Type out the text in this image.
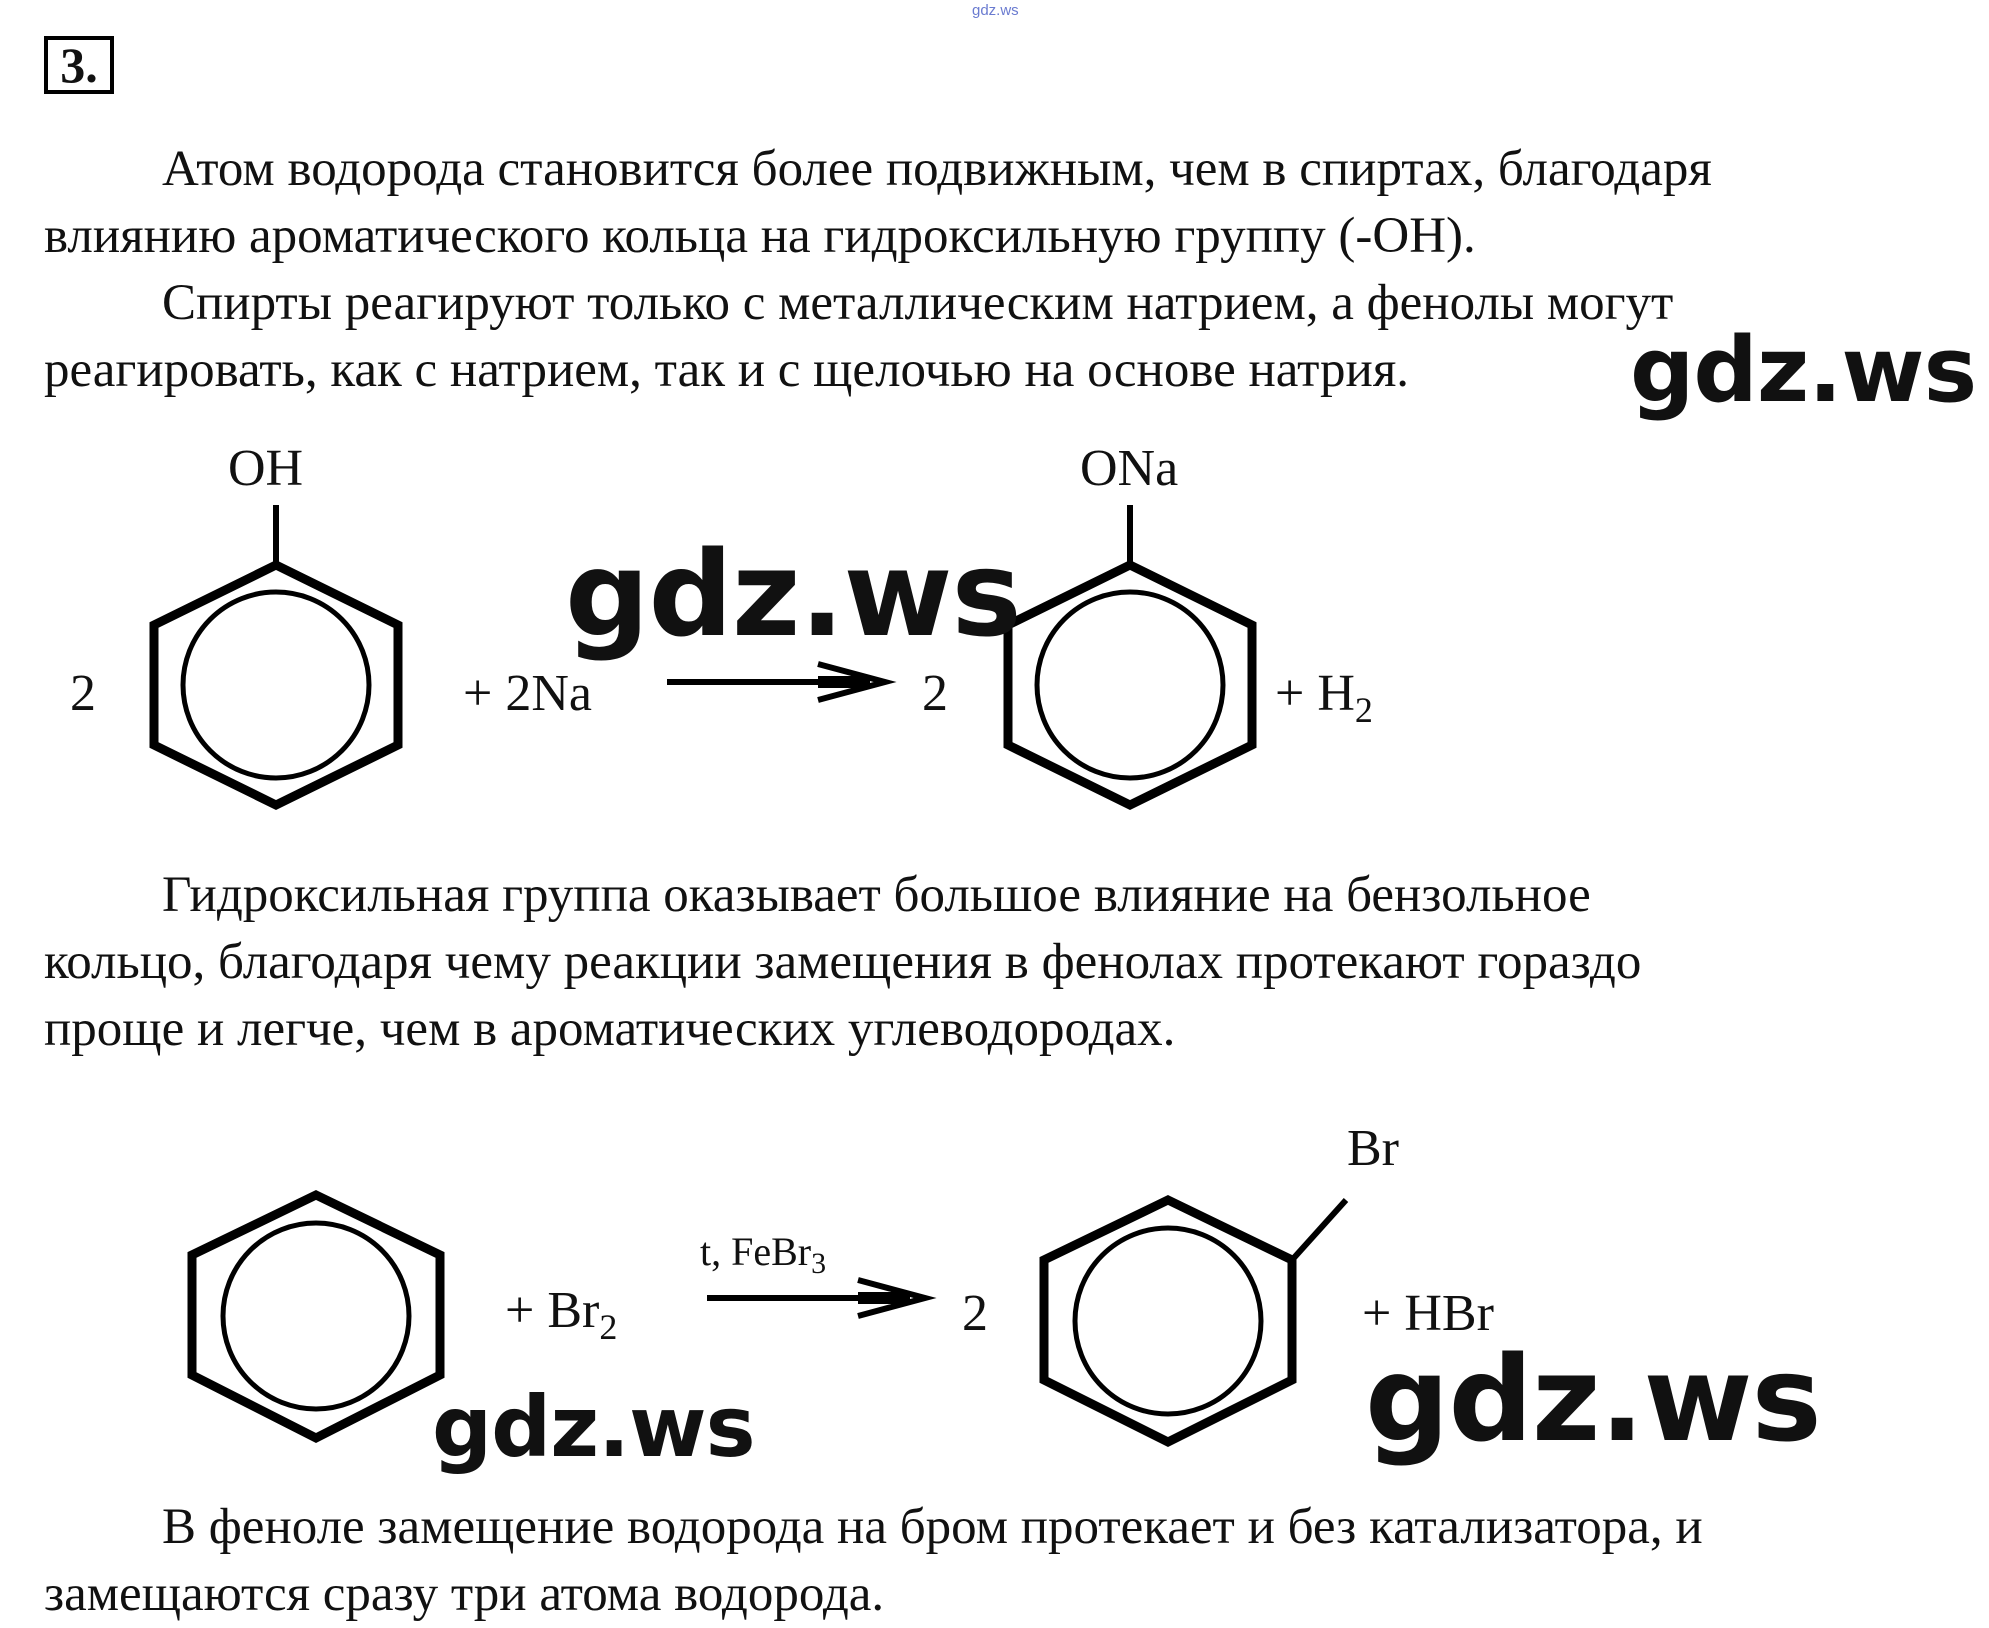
gdz.ws
3.

Атом водорода становится более подвижным, чем в спиртах, благодаря
влиянию ароматического кольца на гидроксильную группу (-OH).

Спирты реагируют только с металлическим натрием, а фенолы могут
реагировать, как с натрием, так и с щелочью на основе натрия.	gdz.ws
OH
2	+ 2Na	2
ONa
+ $H_2$
gdz.ws

Гидроксильная группа оказывает большое влияние на бензольное
кольцо, благодаря чему реакции замещения в фенолах протекают гораздо
проще и легче, чем в ароматических углеводородах.

+ $Br_2$
t, FeBr$_3$
2
Br
+ HBr
gdz.ws	gdz.ws

В феноле замещение водорода на бром протекает и без катализатора, и
замещаются сразу три атома водорода.
